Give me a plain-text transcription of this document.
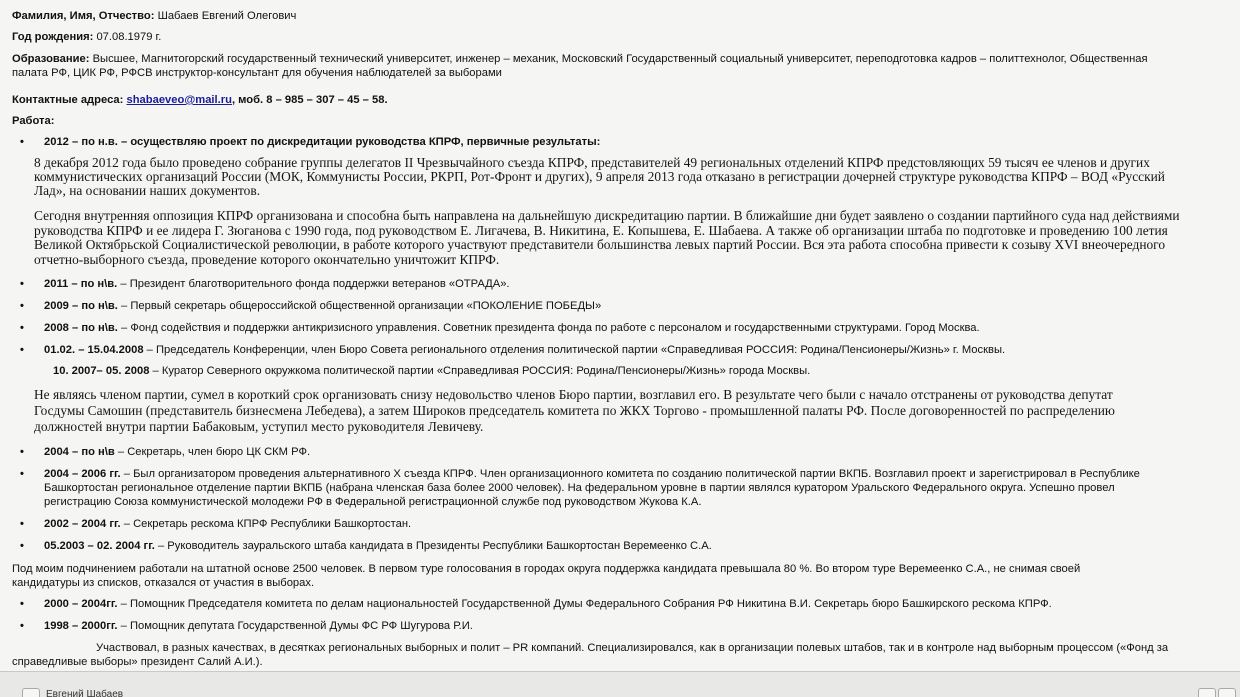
Фамилия, Имя, Отчество: Шабаев Евгений Олегович
Год рождения: 07.08.1979 г.
Образование: Высшее, Магнитогорский государственный технический университет, инженер – механик, Московский Государственный социальный университет, переподготовка кадров – политтехнолог, Общественная
палата РФ, ЦИК РФ, РФСВ инструктор-консультант для обучения наблюдателей за выборами
Контактные адреса: shabaeveo@mail.ru, моб. 8 – 985 – 307 – 45 – 58.
Работа:
• 2012 – по н.в. – осуществляю проект по дискредитации руководства КПРФ, первичные результаты:
8 декабря 2012 года было проведено собрание группы делегатов II Чрезвычайного съезда КПРФ, представителей 49 региональных отделений КПРФ предстовляющих 59 тысяч ее членов и других
коммунистических организаций России (МОК, Коммунисты России, РКРП, Рот-Фронт и других), 9 апреля 2013 года отказано в регистрации дочерней структуре руководства КПРФ – ВОД «Русский
Лад», на основании наших документов.
Сегодня внутренняя оппозиция КПРФ организована и способна быть направлена на дальнейшую дискредитацию партии. В ближайшие дни будет заявлено о создании партийного суда над действиями
руководства КПРФ и ее лидера Г. Зюганова с 1990 года, под руководством Е. Лигачева, В. Никитина, Е. Копышева, Е. Шабаева. А также об организации штаба по подготовке и проведению 100 летия
Великой Октябрьской Социалистической революции, в работе которого участвуют представители большинства левых партий России. Вся эта работа способна привести к созыву XVI внеочередного
отчетно-выборного съезда, проведение которого окончательно уничтожит КПРФ.
• 2011 – по н\в. – Президент благотворительного фонда поддержки ветеранов «ОТРАДА».
• 2009 – по н\в. – Первый секретарь общероссийской общественной организации «ПОКОЛЕНИЕ ПОБЕДЫ»
• 2008 – по н\в. – Фонд содействия и поддержки антикризисного управления. Советник президента фонда по работе с персоналом и государственными структурами. Город Москва.
• 01.02. – 15.04.2008 – Председатель Конференции, член Бюро Совета регионального отделения политической партии «Справедливая РОССИЯ: Родина/Пенсионеры/Жизнь» г. Москвы.
10. 2007– 05. 2008 – Куратор Северного окружкома политической партии «Справедливая РОССИЯ: Родина/Пенсионеры/Жизнь» города Москвы.
Не являясь членом партии, сумел в короткий срок организовать снизу недовольство членов Бюро партии, возглавил его. В результате чего были с начало отстранены от руководства депутат
Госдумы Самошин (представитель бизнесмена Лебедева), а затем Широков председатель комитета по ЖКХ Торгово - промышленной палаты РФ. После договоренностей по распределению
должностей внутри партии Бабаковым, уступил место руководителя Левичеву.
• 2004 – по н\в – Секретарь, член бюро ЦК СКМ РФ.
• 2004 – 2006 гг. – Был организатором проведения альтернативного X съезда КПРФ. Член организационного комитета по созданию политической партии ВКПБ. Возглавил проект и зарегистрировал в Республике
Башкортостан региональное отделение партии ВКПБ (набрана членская база более 2000 человек). На федеральном уровне в партии являлся куратором Уральского Федерального округа. Успешно провел
регистрацию Союза коммунистической молодежи РФ в Федеральной регистрационной службе под руководством Жукова К.А.
• 2002 – 2004 гг. – Секретарь рескома КПРФ Республики Башкортостан.
• 05.2003 – 02. 2004 гг. – Руководитель зауральского штаба кандидата в Президенты Республики Башкортостан Веремеенко С.А.
Под моим подчинением работали на штатной основе 2500 человек. В первом туре голосования в городах округа поддержка кандидата превышала 80 %. Во втором туре Веремеенко С.А., не снимая своей
кандидатуры из списков, отказался от участия в выборах.
• 2000 – 2004гг. – Помощник Председателя комитета по делам национальностей Государственной Думы Федерального Собрания РФ Никитина В.И. Секретарь бюро Башкирского рескома КПРФ.
• 1998 – 2000гг. – Помощник депутата Государственной Думы ФС РФ Шугурова Р.И.
Участвовал, в разных качествах, в десятках региональных выборных и полит – PR компаний. Специализировался, как в организации полевых штабов, так и в контроле над выборным процессом («Фонд за
справедливые выборы» президент Салий А.И.).
Евгений Шабаев
